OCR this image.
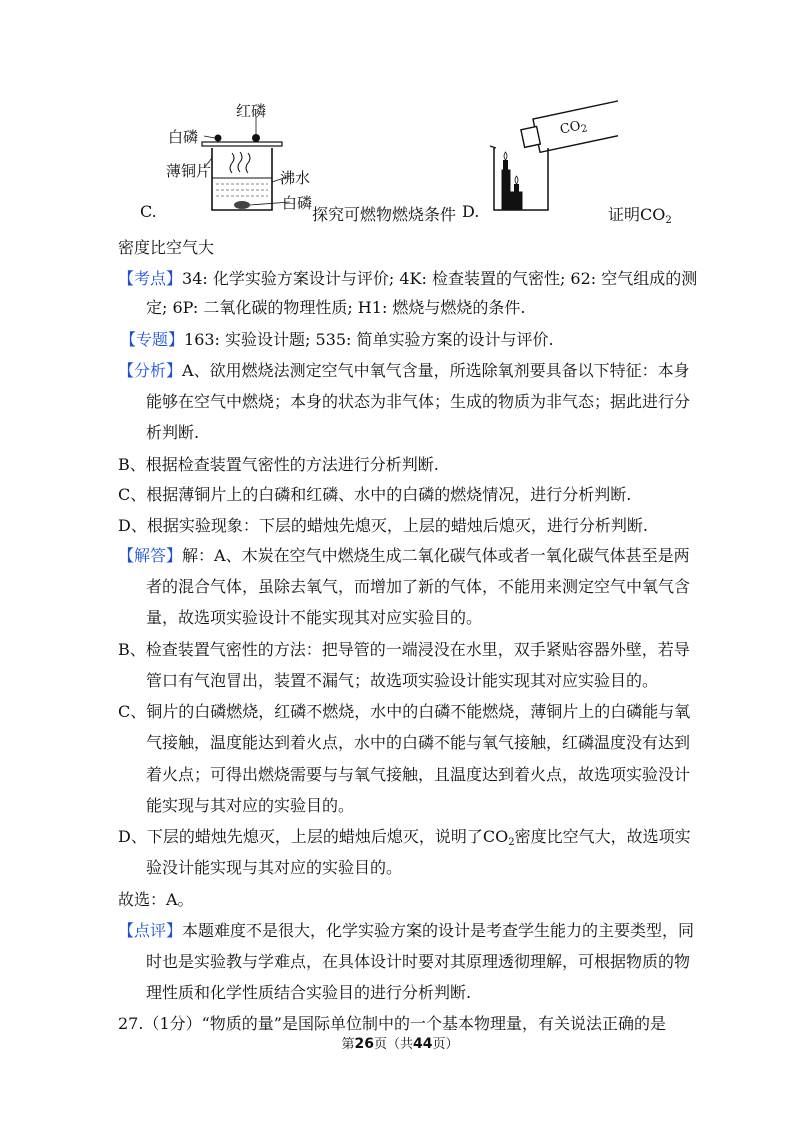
C.
红磷
白磷
薄铜片	沸水
白磷
探究可燃物燃烧条件 D.
$CO_2$
证明$CO_2$
密度比空气大
【考点】34: 化学实验方案设计与评价; 4K: 检查装置的气密性; 62: 空气组成的测
定; 6P: 二氧化碳的物理性质; H1: 燃烧与燃烧的条件.
【专题】163: 实验设计题; 535: 简单实验方案的设计与评价.
【分析】A、欲用燃烧法测定空气中氧气含量，所选除氧剂要具备以下特征：本身
能够在空气中燃烧；本身的状态为非气体；生成的物质为非气态；据此进行分
析判断.
B、根据检查装置气密性的方法进行分析判断.
C、根据薄铜片上的白磷和红磷、水中的白磷的燃烧情况，进行分析判断.
D、根据实验现象：下层的蜡烛先熄灭，上层的蜡烛后熄灭，进行分析判断.
【解答】解：A、木炭在空气中燃烧生成二氧化碳气体或者一氧化碳气体甚至是两
者的混合气体，虽除去氧气，而增加了新的气体，不能用来测定空气中氧气含
量，故选项实验设计不能实现其对应实验目的。
B、检查装置气密性的方法：把导管的一端浸没在水里，双手紧贴容器外壁，若导
管口有气泡冒出，装置不漏气；故选项实验设计能实现其对应实验目的。
C、铜片的白磷燃烧，红磷不燃烧，水中的白磷不能燃烧，薄铜片上的白磷能与氧
气接触，温度能达到着火点，水中的白磷不能与氧气接触，红磷温度没有达到
着火点；可得出燃烧需要与与氧气接触，且温度达到着火点，故选项实验没计
能实现与其对应的实验目的。
D、下层的蜡烛先熄灭，上层的蜡烛后熄灭，说明了$CO_2$密度比空气大，故选项实
验没计能实现与其对应的实验目的。
故选：A。
【点评】本题难度不是很大，化学实验方案的设计是考查学生能力的主要类型，同
时也是实验教与学难点，在具体设计时要对其原理透彻理解，可根据物质的物
理性质和化学性质结合实验目的进行分析判断.
27.（1分）“物质的量”是国际单位制中的一个基本物理量，有关说法正确的是
第26页（共44页）
